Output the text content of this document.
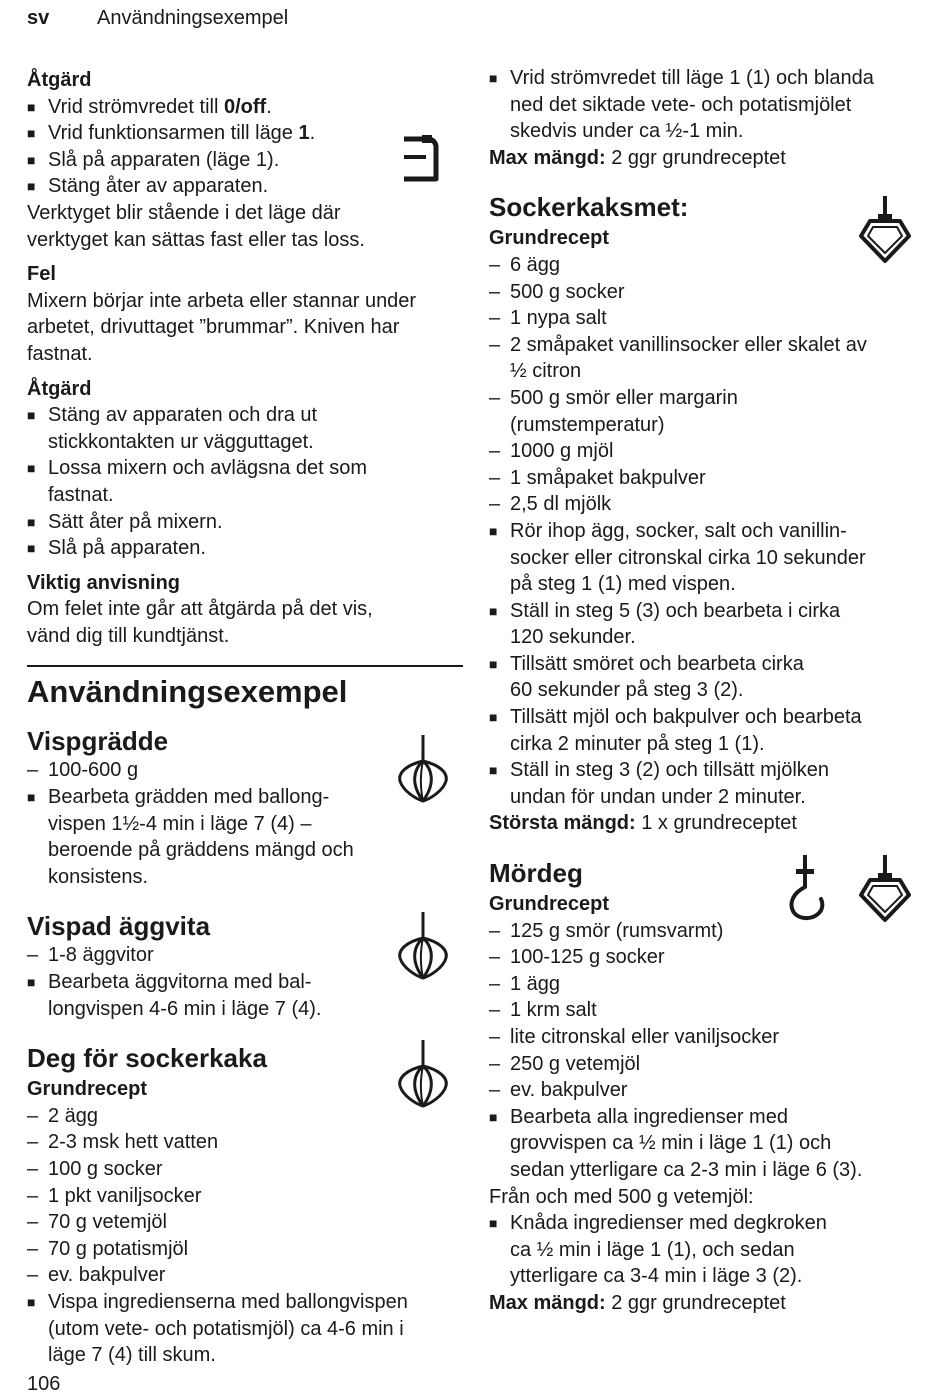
sv Användningsexempel
Åtgärd
■ Vrid strömvredet till 0/off.
■ Vrid funktionsarmen till läge 1.
■ Slå på apparaten (läge 1).
■ Stäng åter av apparaten.
Verktyget blir stående i det läge där
verktyget kan sättas fast eller tas loss.
Fel
Mixern börjar inte arbeta eller stannar under
arbetet, drivuttaget ”brummar”. Kniven har
fastnat.
Åtgärd
■ Stäng av apparaten och dra ut
stickkontakten ur vägguttaget.
■ Lossa mixern och avlägsna det som
fastnat.
■ Sätt åter på mixern.
■ Slå på apparaten.
Viktig anvisning
Om felet inte går att åtgärda på det vis,
vänd dig till kundtjänst.
Användningsexempel
Vispgrädde
– 100-600 g
■ Bearbeta grädden med ballong-
vispen 1½-4 min i läge 7 (4) –
beroende på gräddens mängd och
konsistens.
Vispad äggvita
– 1-8 äggvitor
■ Bearbeta äggvitorna med bal-
longvispen 4-6 min i läge 7 (4).
Deg för sockerkaka
Grundrecept
– 2 ägg
– 2-3 msk hett vatten
– 100 g socker
– 1 pkt vaniljsocker
– 70 g vetemjöl
– 70 g potatismjöl
– ev. bakpulver
■ Vispa ingredienserna med ballongvispen
(utom vete- och potatismjöl) ca 4-6 min i
läge 7 (4) till skum.
■ Vrid strömvredet till läge 1 (1) och blanda
ned det siktade vete- och potatismjölet
skedvis under ca ½-1 min.
Max mängd: 2 ggr grundreceptet
Sockerkaksmet:
Grundrecept
– 6 ägg
– 500 g socker
– 1 nypa salt
– 2 småpaket vanillinsocker eller skalet av
½ citron
– 500 g smör eller margarin
(rumstemperatur)
– 1000 g mjöl
– 1 småpaket bakpulver
– 2,5 dl mjölk
■ Rör ihop ägg, socker, salt och vanillin-
socker eller citronskal cirka 10 sekunder
på steg 1 (1) med vispen.
■ Ställ in steg 5 (3) och bearbeta i cirka
120 sekunder.
■ Tillsätt smöret och bearbeta cirka
60 sekunder på steg 3 (2).
■ Tillsätt mjöl och bakpulver och bearbeta
cirka 2 minuter på steg 1 (1).
■ Ställ in steg 3 (2) och tillsätt mjölken
undan för undan under 2 minuter.
Största mängd: 1 x grundreceptet
Mördeg
Grundrecept
– 125 g smör (rumsvarmt)
– 100-125 g socker
– 1 ägg
– 1 krm salt
– lite citronskal eller vaniljsocker
– 250 g vetemjöl
– ev. bakpulver
■ Bearbeta alla ingredienser med
grovvispen ca ½ min i läge 1 (1) och
sedan ytterligare ca 2-3 min i läge 6 (3).
Från och med 500 g vetemjöl:
■ Knåda ingredienser med degkroken
ca ½ min i läge 1 (1), och sedan
ytterligare ca 3-4 min i läge 3 (2).
Max mängd: 2 ggr grundreceptet
106
